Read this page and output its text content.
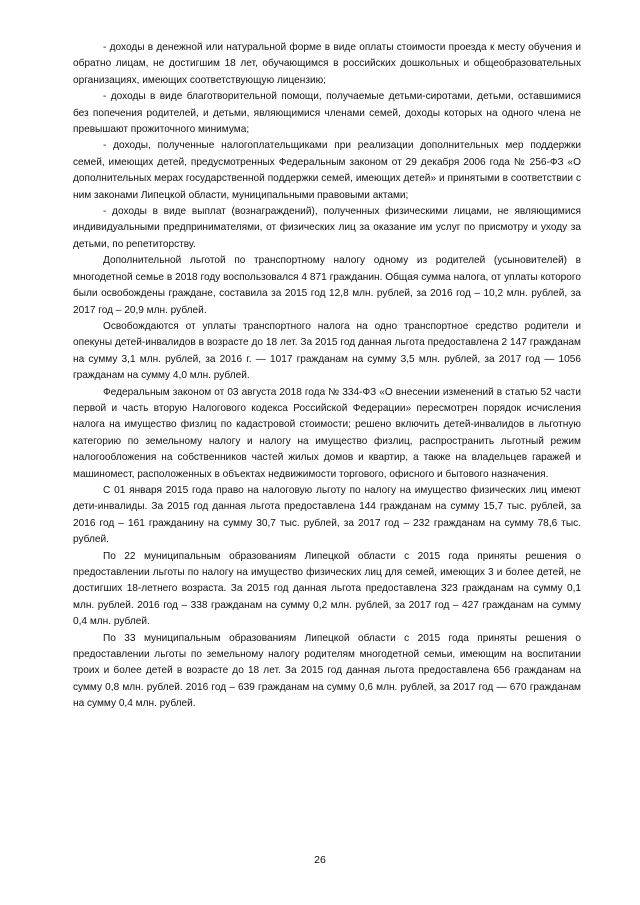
- доходы в денежной или натуральной форме в виде оплаты стоимости проезда к месту обучения и обратно лицам, не достигшим 18 лет, обучающимся в российских дошкольных и общеобразовательных организациях, имеющих соответствующую лицензию;

- доходы в виде благотворительной помощи, получаемые детьми-сиротами, детьми, оставшимися без попечения родителей, и детьми, являющимися членами семей, доходы которых на одного члена не превышают прожиточного минимума;

- доходы, полученные налогоплательщиками при реализации дополнительных мер поддержки семей, имеющих детей, предусмотренных Федеральным законом от 29 декабря 2006 года № 256-ФЗ «О дополнительных мерах государственной поддержки семей, имеющих детей» и принятыми в соответствии с ним законами Липецкой области, муниципальными правовыми актами;

- доходы в виде выплат (вознаграждений), полученных физическими лицами, не являющимися индивидуальными предпринимателями, от физических лиц за оказание им услуг по присмотру и уходу за детьми, по репетиторству.

Дополнительной льготой по транспортному налогу одному из родителей (усыновителей) в многодетной семье в 2018 году воспользовался 4 871 гражданин. Общая сумма налога, от уплаты которого были освобождены граждане, составила за 2015 год 12,8 млн. рублей, за 2016 год – 10,2 млн. рублей, за 2017 год – 20,9 млн. рублей.

Освобождаются от уплаты транспортного налога на одно транспортное средство родители и опекуны детей-инвалидов в возрасте до 18 лет. За 2015 год данная льгота предоставлена 2 147 гражданам на сумму 3,1 млн. рублей, за 2016 г. — 1017 гражданам на сумму 3,5 млн. рублей, за 2017 год — 1056 гражданам на сумму 4,0 млн. рублей.

Федеральным законом от 03 августа 2018 года № 334-ФЗ «О внесении изменений в статью 52 части первой и часть вторую Налогового кодекса Российской Федерации» пересмотрен порядок исчисления налога на имущество физлиц по кадастровой стоимости; решено включить детей-инвалидов в льготную категорию по земельному налогу и налогу на имущество физлиц, распространить льготный режим налогообложения на собственников частей жилых домов и квартир, а также на владельцев гаражей и машиномест, расположенных в объектах недвижимости торгового, офисного и бытового назначения.

С 01 января 2015 года право на налоговую льготу по налогу на имущество физических лиц имеют дети-инвалиды. За 2015 год данная льгота предоставлена 144 гражданам на сумму 15,7 тыс. рублей, за 2016 год – 161 гражданину на сумму 30,7 тыс. рублей, за 2017 год – 232 гражданам на сумму 78,6 тыс. рублей.

По 22 муниципальным образованиям Липецкой области с 2015 года приняты решения о предоставлении льготы по налогу на имущество физических лиц для семей, имеющих 3 и более детей, не достигших 18-летнего возраста. За 2015 год данная льгота предоставлена 323 гражданам на сумму 0,1 млн. рублей. 2016 год – 338 гражданам на сумму 0,2 млн. рублей, за 2017 год – 427 гражданам на сумму 0,4 млн. рублей.

По 33 муниципальным образованиям Липецкой области с 2015 года приняты решения о предоставлении льготы по земельному налогу родителям многодетной семьи, имеющим на воспитании троих и более детей в возрасте до 18 лет. За 2015 год данная льгота предоставлена 656 гражданам на сумму 0,8 млн. рублей. 2016 год – 639 гражданам на сумму 0,6 млн. рублей, за 2017 год — 670 гражданам на сумму 0,4 млн. рублей.

26
